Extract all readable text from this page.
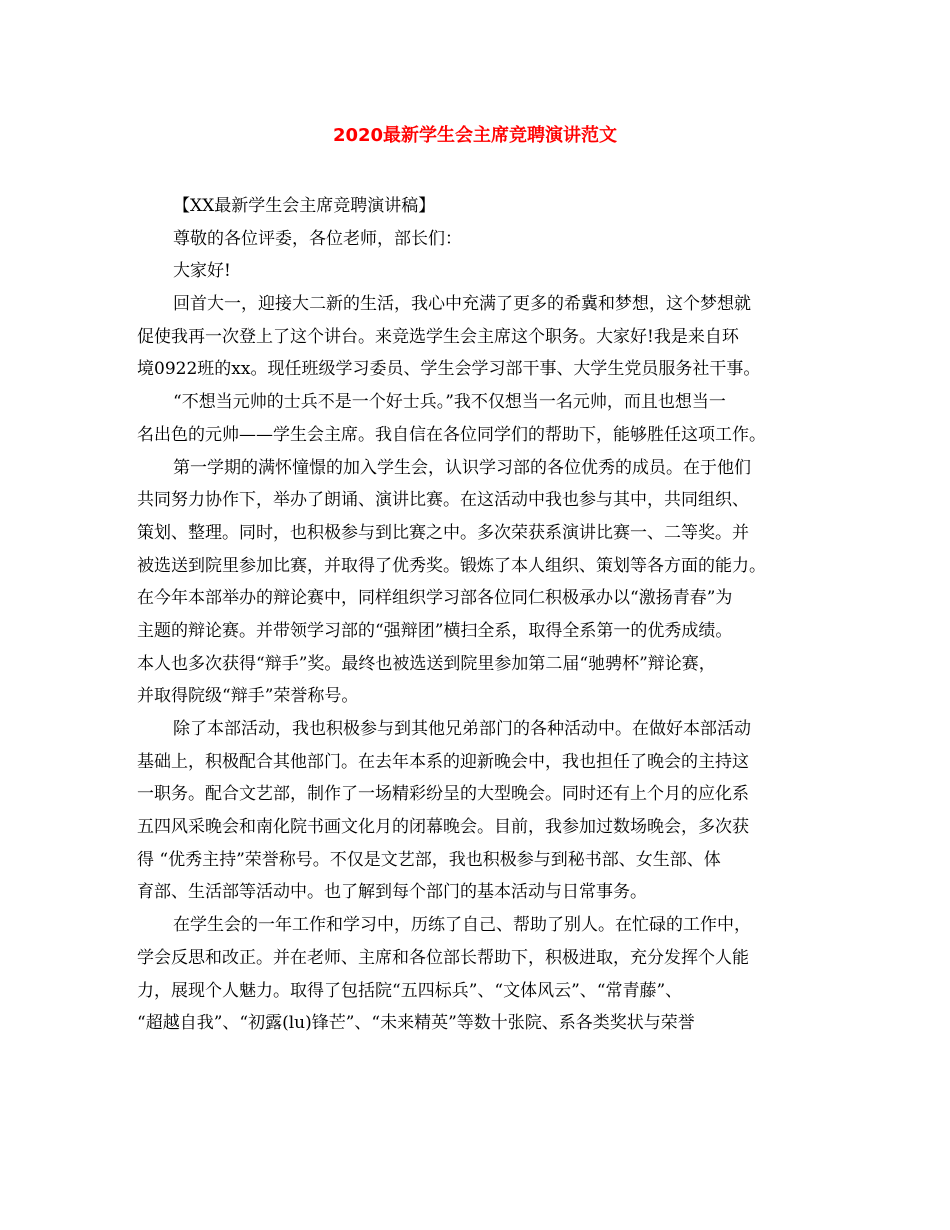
2020最新学生会主席竞聘演讲范文
【XX最新学生会主席竞聘演讲稿】
尊敬的各位评委，各位老师，部长们：
大家好!
回首大一，迎接大二新的生活，我心中充满了更多的希冀和梦想，这个梦想就
促使我再一次登上了这个讲台。来竞选学生会主席这个职务。大家好!我是来自环
境0922班的xx。现任班级学习委员、学生会学习部干事、大学生党员服务社干事。
“不想当元帅的士兵不是一个好士兵。”我不仅想当一名元帅，而且也想当一
名出色的元帅——学生会主席。我自信在各位同学们的帮助下，能够胜任这项工作。
第一学期的满怀憧憬的加入学生会，认识学习部的各位优秀的成员。在于他们
共同努力协作下，举办了朗诵、演讲比赛。在这活动中我也参与其中，共同组织、
策划、整理。同时，也积极参与到比赛之中。多次荣获系演讲比赛一、二等奖。并
被选送到院里参加比赛，并取得了优秀奖。锻炼了本人组织、策划等各方面的能力。
在今年本部举办的辩论赛中，同样组织学习部各位同仁积极承办以“激扬青春”为
主题的辩论赛。并带领学习部的“强辩团”横扫全系，取得全系第一的优秀成绩。
本人也多次获得“辩手”奖。最终也被选送到院里参加第二届“驰骋杯”辩论赛，
并取得院级“辩手”荣誉称号。
除了本部活动，我也积极参与到其他兄弟部门的各种活动中。在做好本部活动
基础上，积极配合其他部门。在去年本系的迎新晚会中，我也担任了晚会的主持这
一职务。配合文艺部，制作了一场精彩纷呈的大型晚会。同时还有上个月的应化系
五四风采晚会和南化院书画文化月的闭幕晚会。目前，我参加过数场晚会，多次获
得 “优秀主持”荣誉称号。不仅是文艺部，我也积极参与到秘书部、女生部、体
育部、生活部等活动中。也了解到每个部门的基本活动与日常事务。
在学生会的一年工作和学习中，历练了自己、帮助了别人。在忙碌的工作中，
学会反思和改正。并在老师、主席和各位部长帮助下，积极进取，充分发挥个人能
力，展现个人魅力。取得了包括院“五四标兵”、“文体风云”、“常青藤”、
“超越自我”、“初露(lu)锋芒”、“未来精英”等数十张院、系各类奖状与荣誉
